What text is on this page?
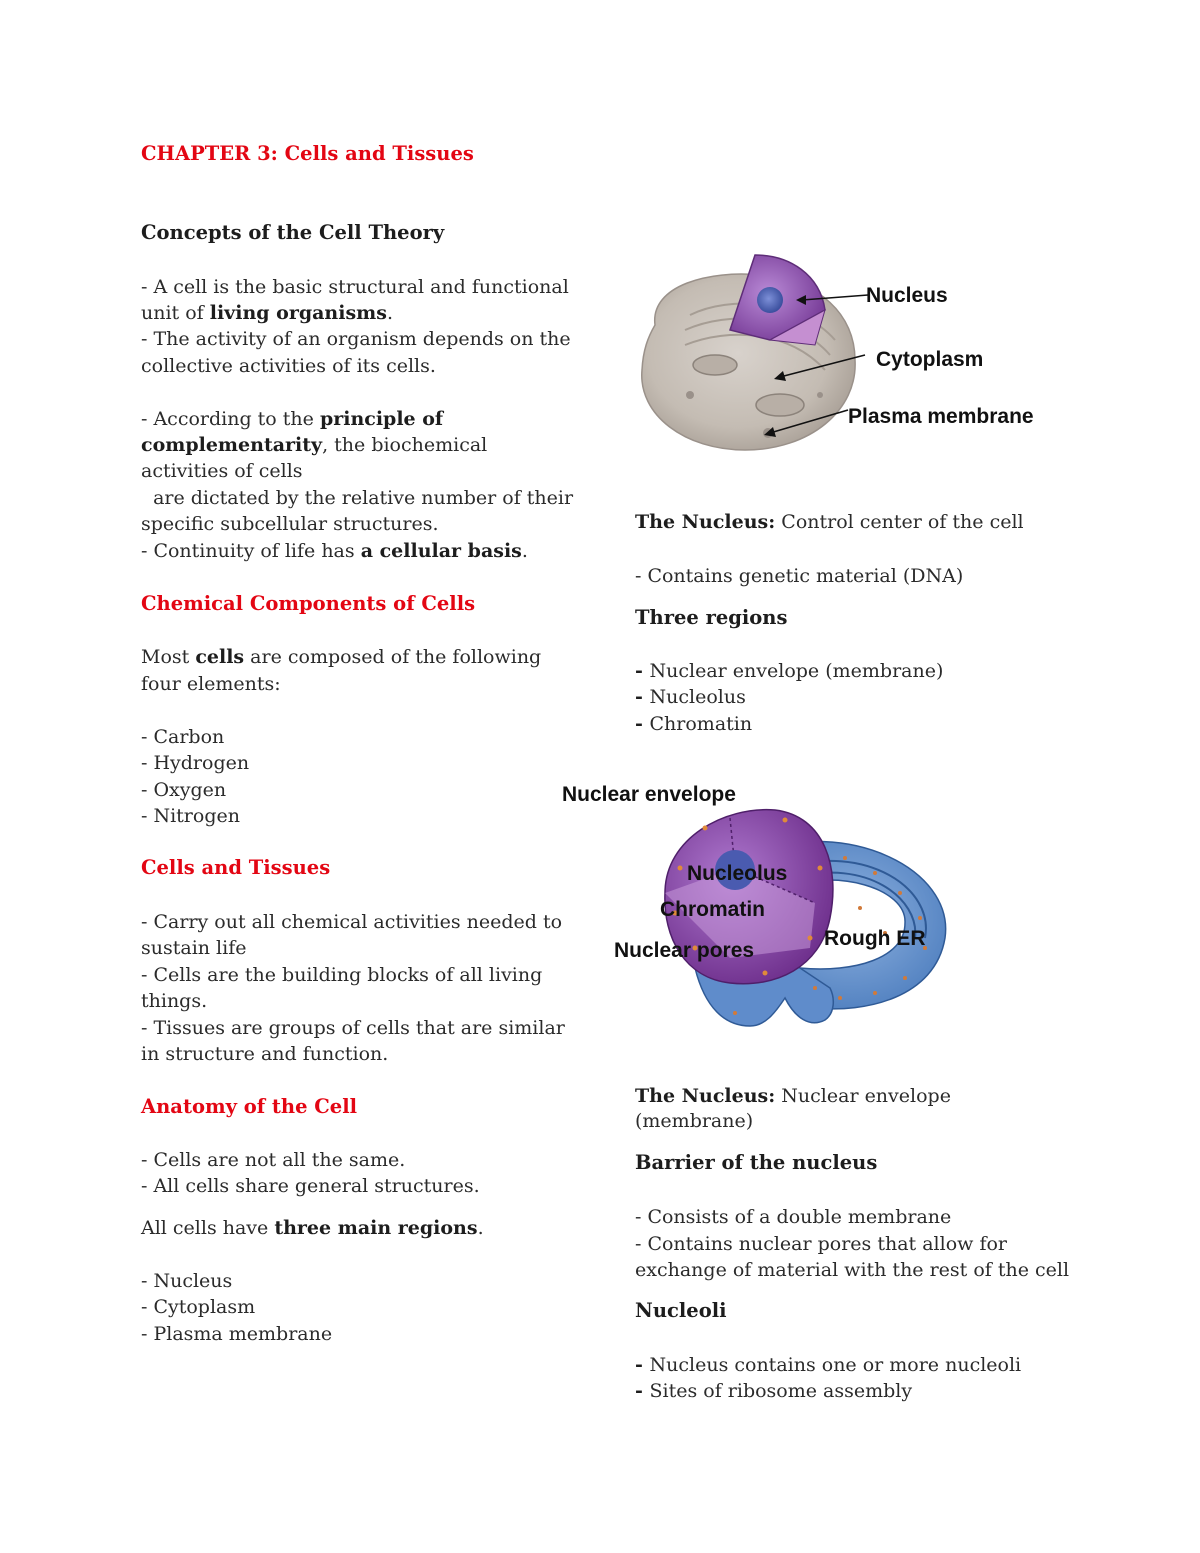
CHAPTER 3: Cells and Tissues
Concepts of the Cell Theory
- A cell is the basic structural and functional
unit of living organisms.
- The activity of an organism depends on the
collective activities of its cells.
- According to the principle of
complementarity, the biochemical
activities of cells
are dictated by the relative number of their
specific subcellular structures.
- Continuity of life has a cellular basis.
Chemical Components of Cells
Most cells are composed of the following
four elements:
- Carbon
- Hydrogen
- Oxygen
- Nitrogen
Cells and Tissues
- Carry out all chemical activities needed to
sustain life
- Cells are the building blocks of all living
things.
- Tissues are groups of cells that are similar
in structure and function.
Anatomy of the Cell
- Cells are not all the same.
- All cells share general structures.
All cells have three main regions.
- Nucleus
- Cytoplasm
- Plasma membrane
Nucleus
Cytoplasm
Plasma membrane
The Nucleus: Control center of the cell
- Contains genetic material (DNA)
Three regions
- Nuclear envelope (membrane)
- Nucleolus
- Chromatin
Nuclear envelope
Nucleolus
Chromatin
Nuclear pores
Rough ER
The Nucleus: Nuclear envelope
(membrane)
Barrier of the nucleus
- Consists of a double membrane
- Contains nuclear pores that allow for
exchange of material with the rest of the cell
Nucleoli
- Nucleus contains one or more nucleoli
- Sites of ribosome assembly
